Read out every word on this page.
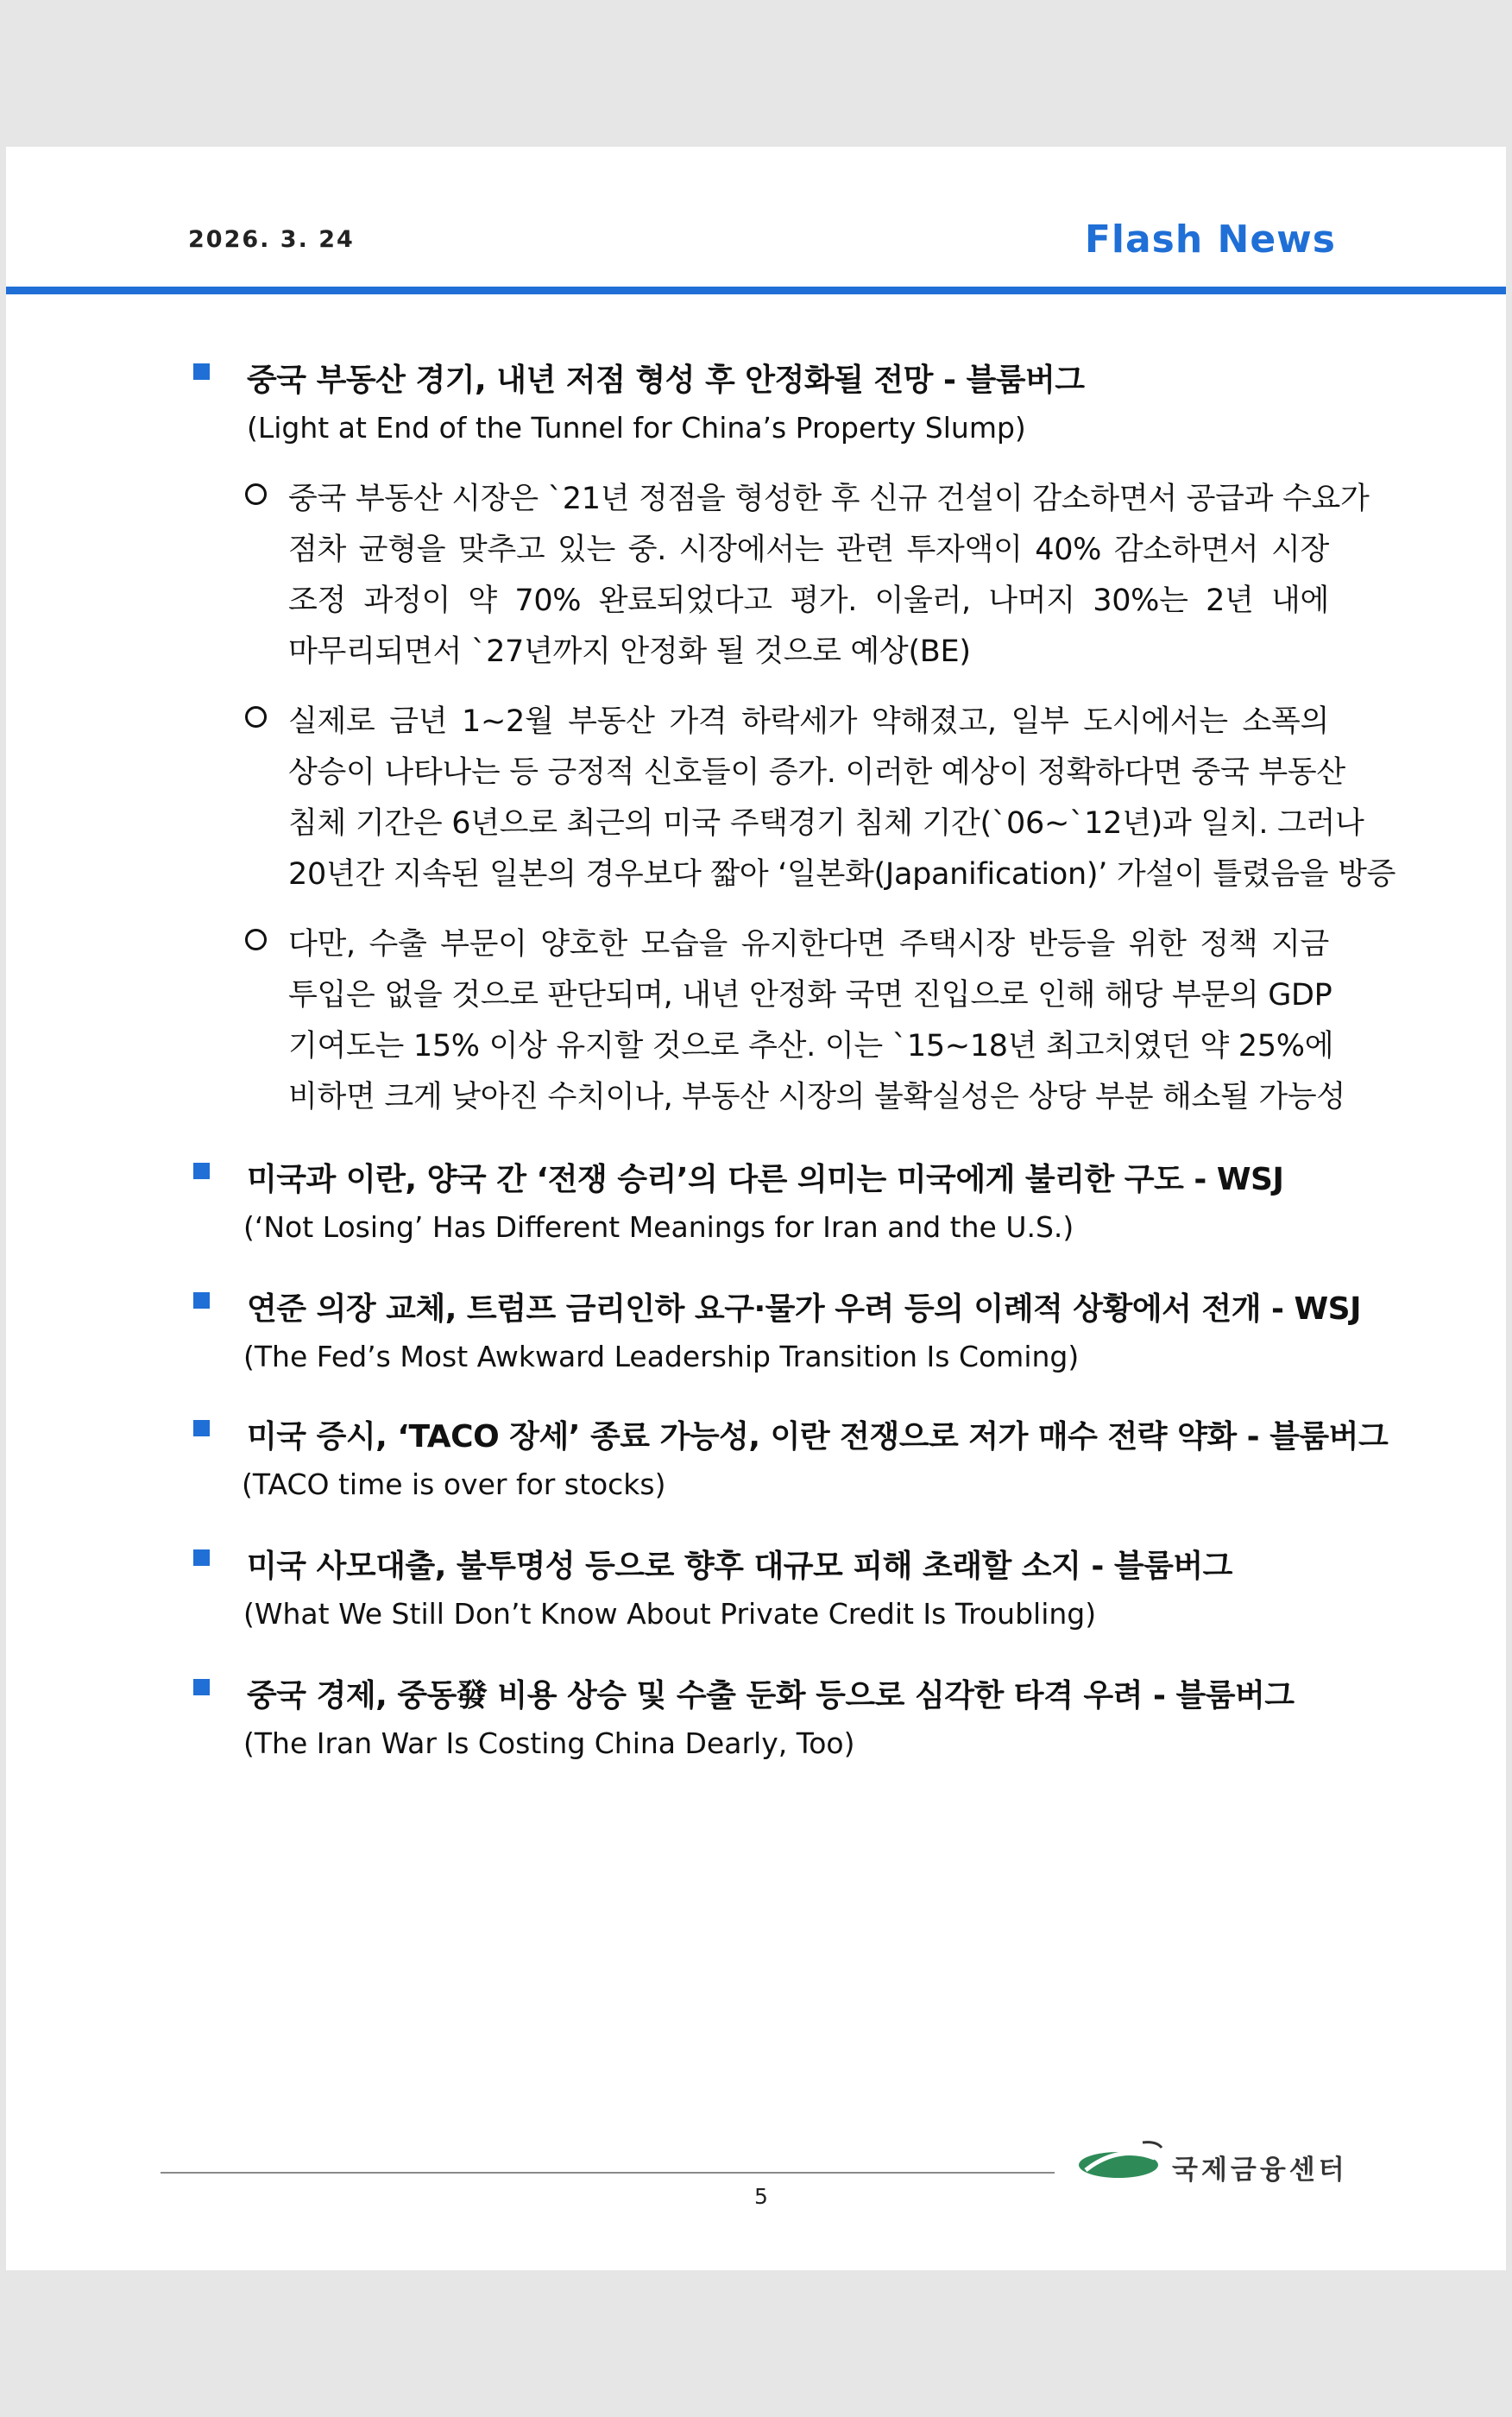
2026. 3. 24	Flash News
중국 부동산 경기, 내년 저점 형성 후 안정화될 전망 - 블룸버그
(Light at End of the Tunnel for China’s Property Slump)
중국 부동산 시장은 `21년 정점을 형성한 후 신규 건설이 감소하면서 공급과 수요가
점차 균형을 맞추고 있는 중. 시장에서는 관련 투자액이 40% 감소하면서 시장
조정 과정이 약 70% 완료되었다고 평가. 이울러, 나머지 30%는 2년 내에
마무리되면서 `27년까지 안정화 될 것으로 예상(BE)
실제로 금년 1~2월 부동산 가격 하락세가 약해졌고, 일부 도시에서는 소폭의
상승이 나타나는 등 긍정적 신호들이 증가. 이러한 예상이 정확하다면 중국 부동산
침체 기간은 6년으로 최근의 미국 주택경기 침체 기간(`06~`12년)과 일치. 그러나
20년간 지속된 일본의 경우보다 짧아 ‘일본화(Japanification)’ 가설이 틀렸음을 방증
다만, 수출 부문이 양호한 모습을 유지한다면 주택시장 반등을 위한 정책 지금
투입은 없을 것으로 판단되며, 내년 안정화 국면 진입으로 인해 해당 부문의 GDP
기여도는 15% 이상 유지할 것으로 추산. 이는 `15~18년 최고치였던 약 25%에
비하면 크게 낮아진 수치이나, 부동산 시장의 불확실성은 상당 부분 해소될 가능성
미국과 이란, 양국 간 ‘전쟁 승리’의 다른 의미는 미국에게 불리한 구도 - WSJ
(‘Not Losing’ Has Different Meanings for Iran and the U.S.)
연준 의장 교체, 트럼프 금리인하 요구·물가 우려 등의 이례적 상황에서 전개 - WSJ
(The Fed’s Most Awkward Leadership Transition Is Coming)
미국 증시, ‘TACO 장세’ 종료 가능성, 이란 전쟁으로 저가 매수 전략 약화 - 블룸버그
(TACO time is over for stocks)
미국 사모대출, 불투명성 등으로 향후 대규모 피해 초래할 소지 - 블룸버그
(What We Still Don’t Know About Private Credit Is Troubling)
중국 경제, 중동發 비용 상승 및 수출 둔화 등으로 심각한 타격 우려 - 블룸버그
(The Iran War Is Costing China Dearly, Too)
국제금융센터
5
